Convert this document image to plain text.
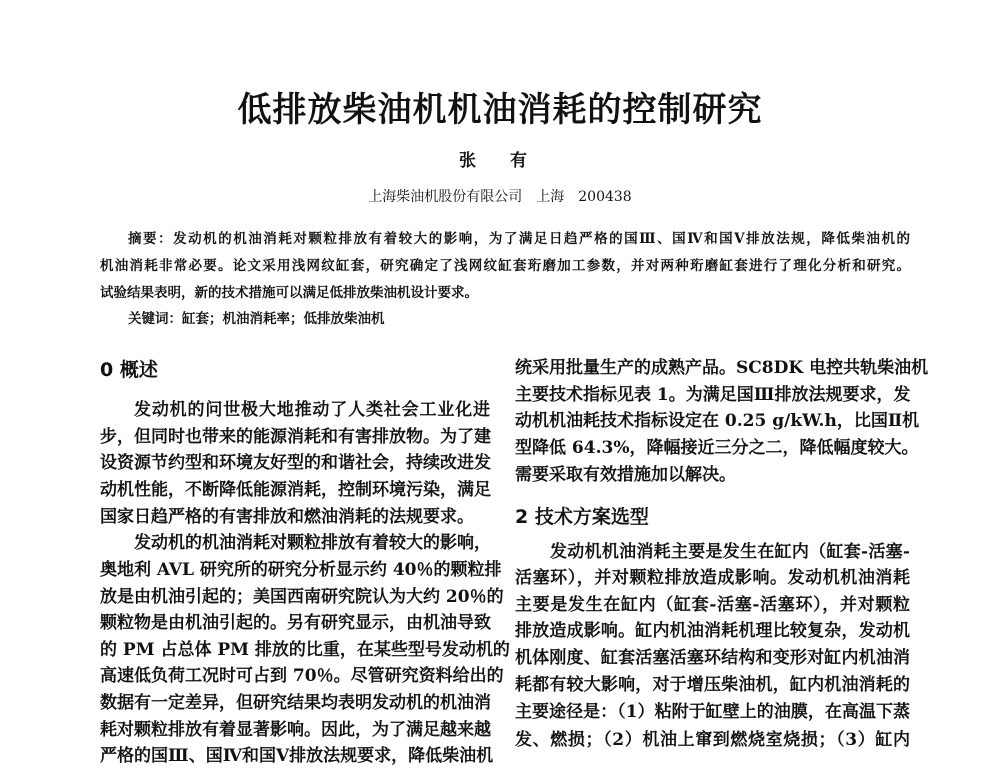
低排放柴油机机油消耗的控制研究
张 有
上海柴油机股份有限公司　上海　200438
摘要：发动机的机油消耗对颗粒排放有着较大的影响，为了满足日趋严格的国Ⅲ、国Ⅳ和国Ⅴ排放法规，降低柴油机的
机油消耗非常必要。论文采用浅网纹缸套，研究确定了浅网纹缸套珩磨加工参数，并对两种珩磨缸套进行了理化分析和研究。
试验结果表明，新的技术措施可以满足低排放柴油机设计要求。
关键词：缸套；机油消耗率；低排放柴油机
0 概述
发动机的问世极大地推动了人类社会工业化进
步，但同时也带来的能源消耗和有害排放物。为了建
设资源节约型和环境友好型的和谐社会，持续改进发
动机性能，不断降低能源消耗，控制环境污染，满足
国家日趋严格的有害排放和燃油消耗的法规要求。
发动机的机油消耗对颗粒排放有着较大的影响，
奥地利 AVL 研究所的研究分析显示约 40％的颗粒排
放是由机油引起的；美国西南研究院认为大约 20％的
颗粒物是由机油引起的。另有研究显示，由机油导致
的 PM 占总体 PM 排放的比重，在某些型号发动机的
高速低负荷工况时可占到 70％。尽管研究资料给出的
数据有一定差异，但研究结果均表明发动机的机油消
耗对颗粒排放有着显著影响。因此，为了满足越来越
严格的国Ⅲ、国Ⅳ和国Ⅴ排放法规要求，降低柴油机
统采用批量生产的成熟产品。SC8DK 电控共轨柴油机
主要技术指标见表 1。为满足国Ⅲ排放法规要求，发
动机机油耗技术指标设定在 0.25 g/kW.h，比国Ⅱ机
型降低 64.3%，降幅接近三分之二，降低幅度较大。
需要采取有效措施加以解决。
发动机机油消耗主要是发生在缸内（缸套-活塞-
活塞环），并对颗粒排放造成影响。发动机机油消耗
主要是发生在缸内（缸套-活塞-活塞环），并对颗粒
排放造成影响。缸内机油消耗机理比较复杂，发动机
机体刚度、缸套活塞活塞环结构和变形对缸内机油消
耗都有较大影响，对于增压柴油机，缸内机油消耗的
主要途径是：（1）粘附于缸壁上的油膜，在高温下蒸
发、燃损；（2）机油上窜到燃烧室烧损；（3）缸内
2 技术方案选型
